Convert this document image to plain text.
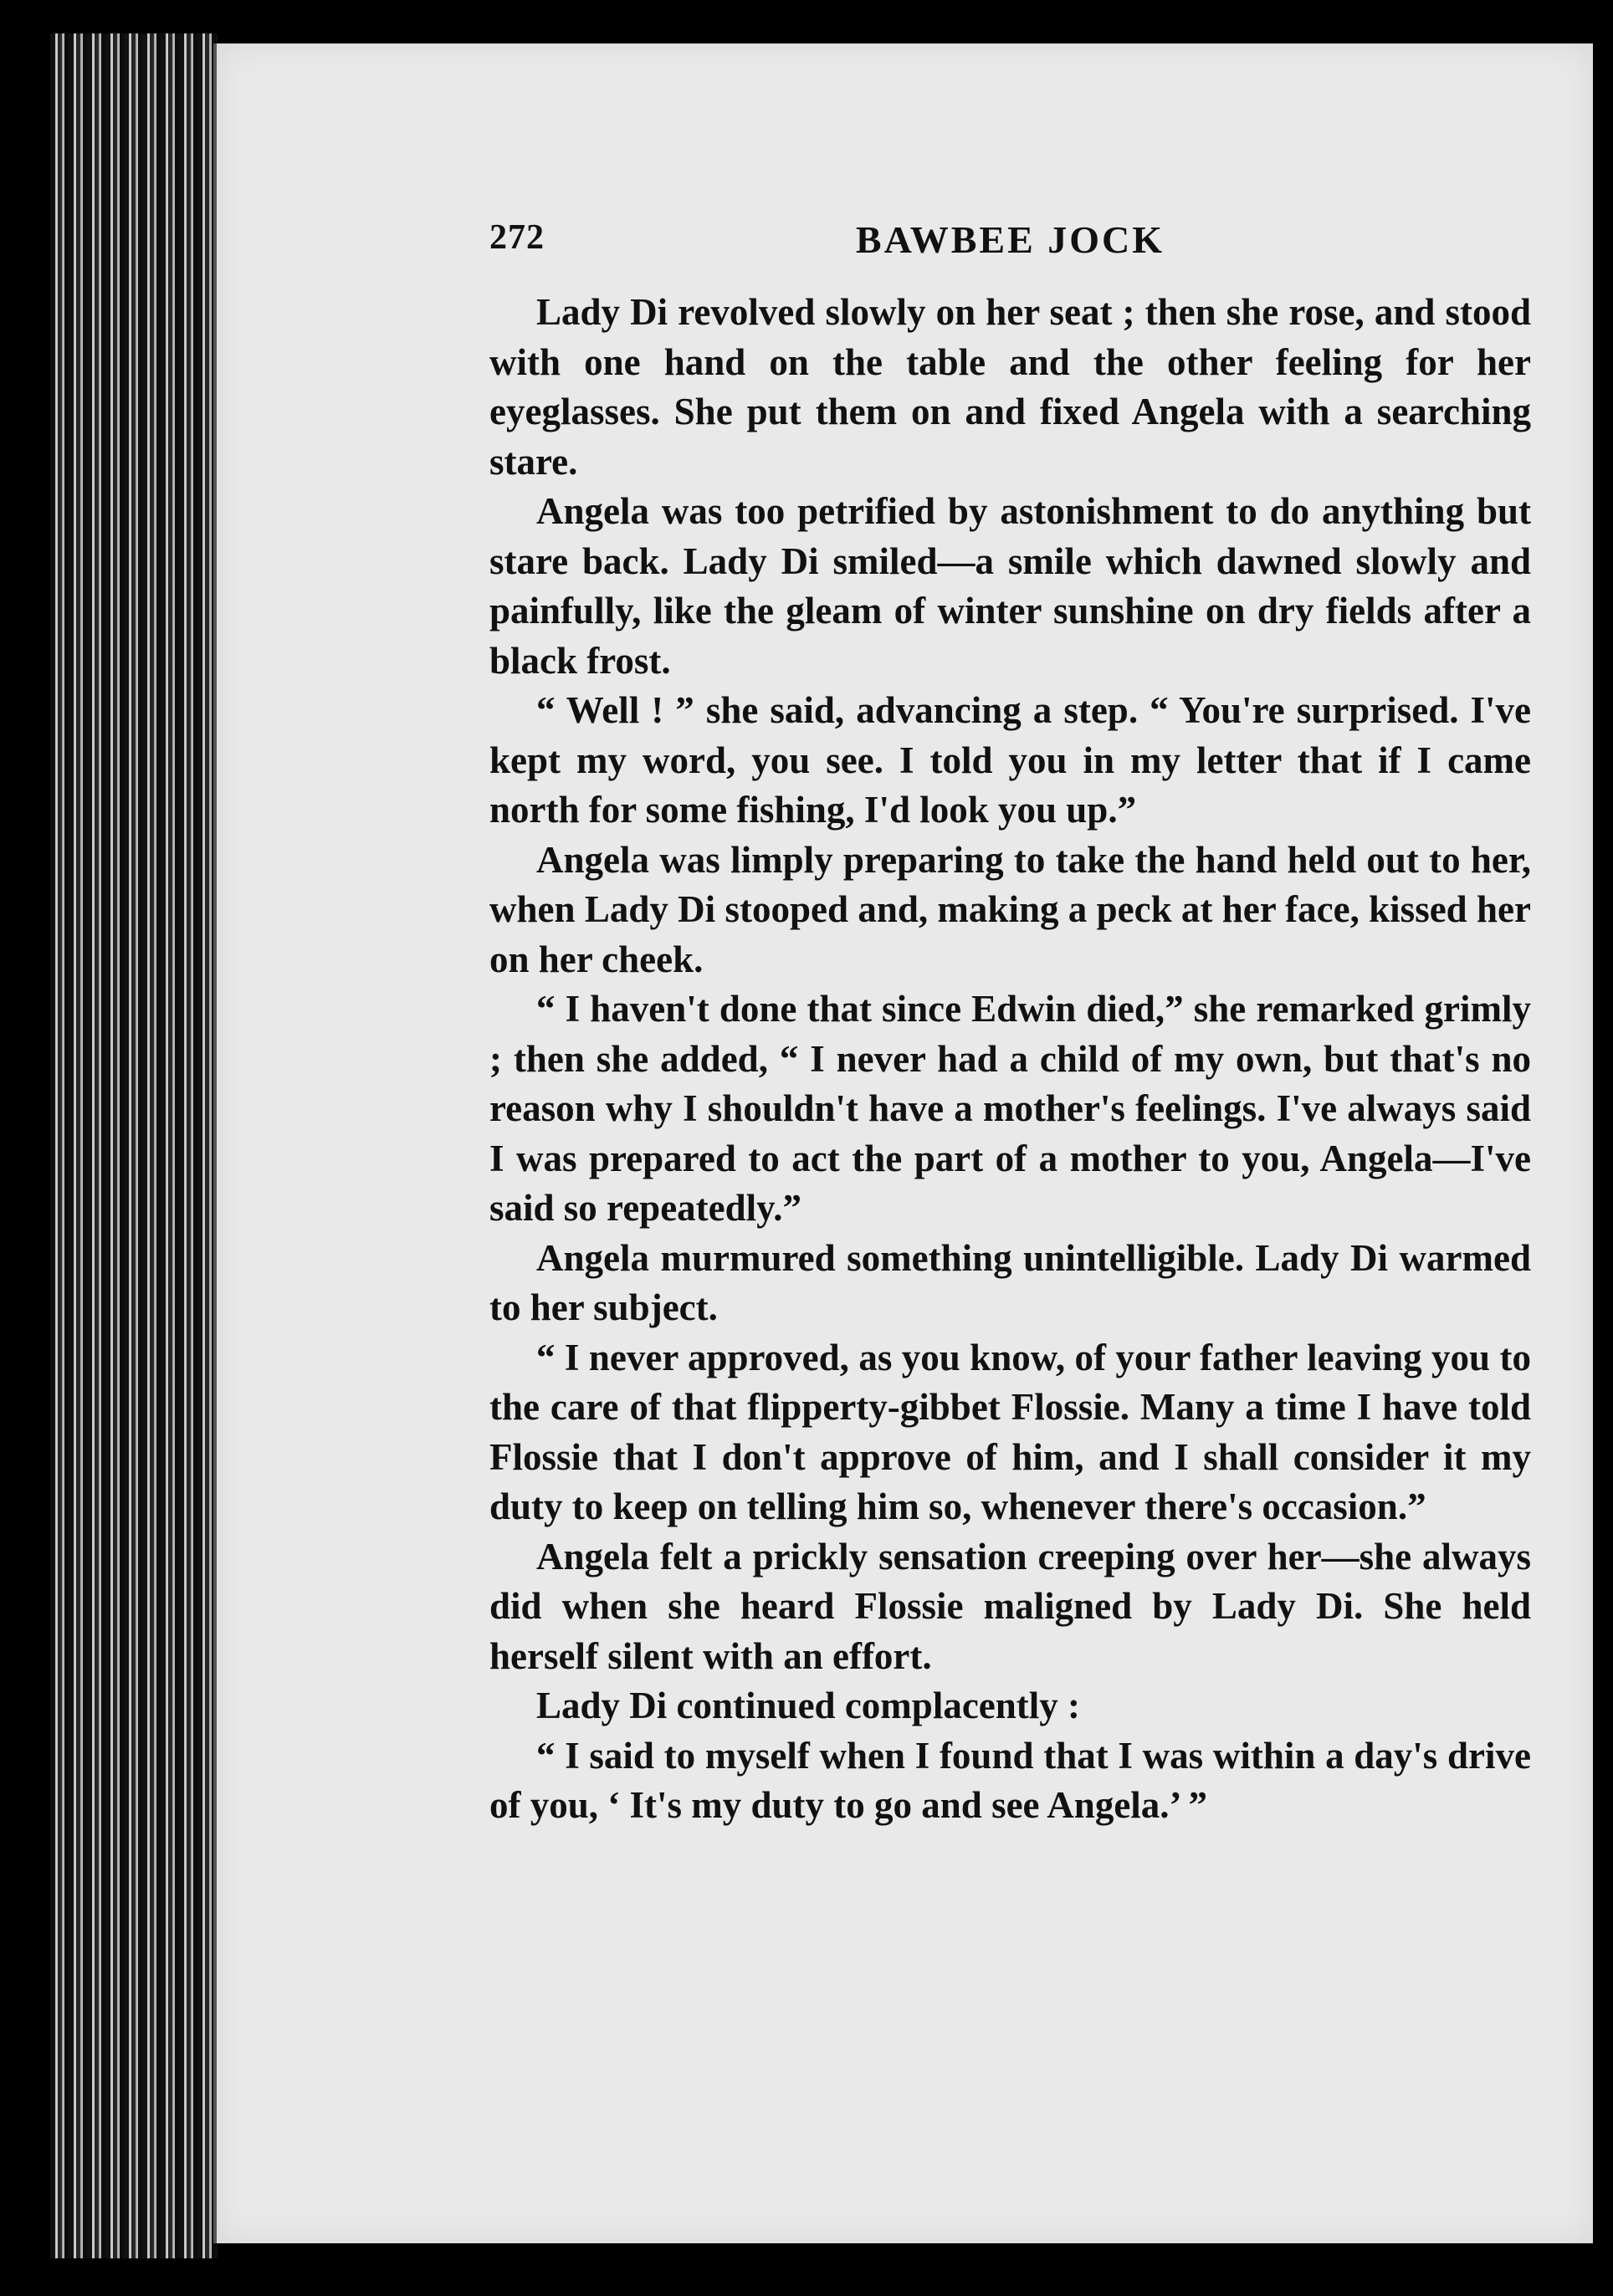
272	BAWBEE JOCK

Lady Di revolved slowly on her seat ; then she rose, and stood with one hand on the table and the other feeling for her eyeglasses. She put them on and fixed Angela with a searching stare.

Angela was too petrified by astonishment to do anything but stare back. Lady Di smiled—a smile which dawned slowly and painfully, like the gleam of winter sunshine on dry fields after a black frost.

“ Well ! ” she said, advancing a step. “ You're surprised. I've kept my word, you see. I told you in my letter that if I came north for some fishing, I'd look you up.”

Angela was limply preparing to take the hand held out to her, when Lady Di stooped and, making a peck at her face, kissed her on her cheek.

“ I haven't done that since Edwin died,” she remarked grimly ; then she added, “ I never had a child of my own, but that's no reason why I shouldn't have a mother's feelings. I've always said I was prepared to act the part of a mother to you, Angela—I've said so repeatedly.”

Angela murmured something unintelligible. Lady Di warmed to her subject.

“ I never approved, as you know, of your father leaving you to the care of that flipperty-gibbet Flossie. Many a time I have told Flossie that I don't approve of him, and I shall consider it my duty to keep on telling him so, whenever there's occasion.”

Angela felt a prickly sensation creeping over her—she always did when she heard Flossie maligned by Lady Di. She held herself silent with an effort.

Lady Di continued complacently :

“ I said to myself when I found that I was within a day's drive of you, ‘ It's my duty to go and see Angela.’ ”
